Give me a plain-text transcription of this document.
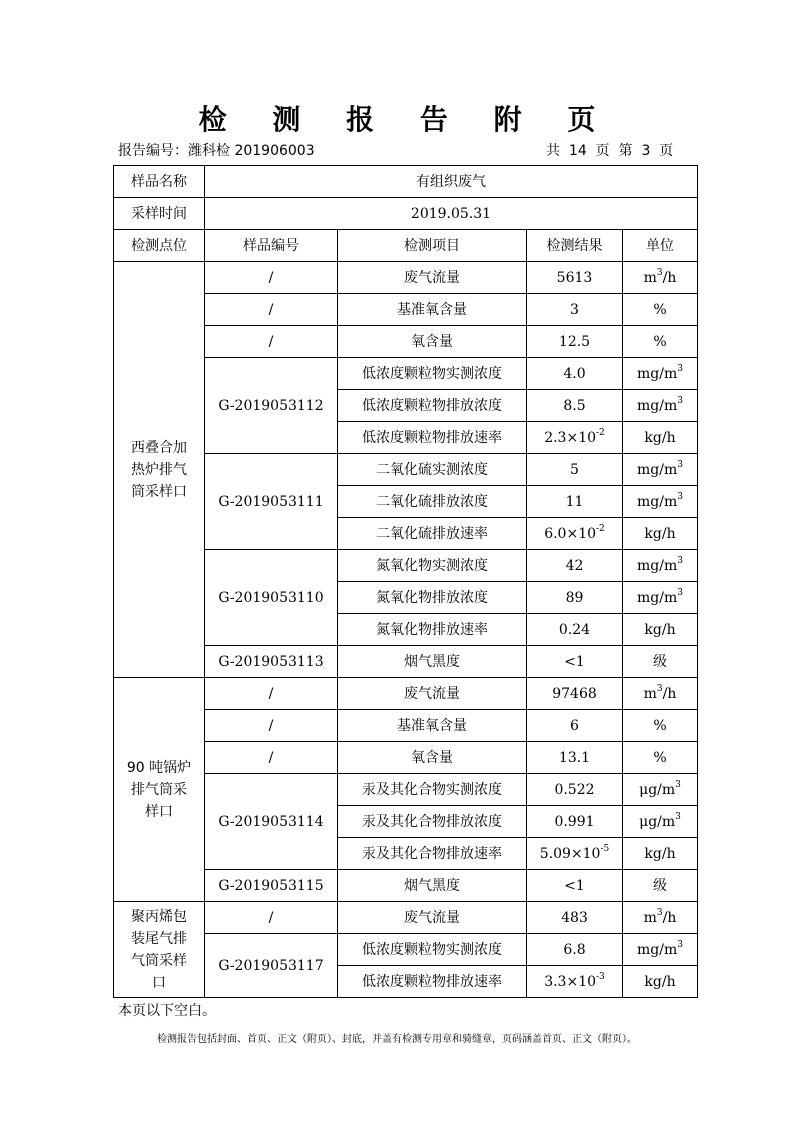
检 测 报 告 附 页
报告编号：潍科检 201906003	共 14 页 第 3 页
样品名称	有组织废气			
采样时间	2019.05.31			
检测点位	样品编号	检测项目	检测结果	单位
西叠合加热炉排气筒采样口	/	废气流量	5613	$m^3/h$
	/	基准氧含量	3	%
	/	氧含量	12.5	%
	G-2019053112	低浓度颗粒物实测浓度	4.0	$mg/m^3$
		低浓度颗粒物排放浓度	8.5	$mg/m^3$
		低浓度颗粒物排放速率	$2.3\times 10^{-2}$	kg/h
	G-2019053111	二氧化硫实测浓度	5	$mg/m^3$
		二氧化硫排放浓度	11	$mg/m^3$
		二氧化硫排放速率	$6.0\times 10^{-2}$	kg/h
	G-2019053110	氮氧化物实测浓度	42	$mg/m^3$
		氮氧化物排放浓度	89	$mg/m^3$
		氮氧化物排放速率	0.24	kg/h
	G-2019053113	烟气黑度	<1	级
90 吨锅炉排气筒采样口	/	废气流量	97468	$m^3/h$
	/	基准氧含量	6	%
	/	氧含量	13.1	%
	G-2019053114	汞及其化合物实测浓度	0.522	$\mu g/m^3$
		汞及其化合物排放浓度	0.991	$\mu g/m^3$
		汞及其化合物排放速率	$5.09\times 10^{-5}$	kg/h
	G-2019053115	烟气黑度	<1	级
聚丙烯包装尾气排气筒采样口	/	废气流量	483	$m^3/h$
	G-2019053117	低浓度颗粒物实测浓度	6.8	$mg/m^3$
		低浓度颗粒物排放速率	$3.3\times 10^{-3}$	kg/h
本页以下空白。
检测报告包括封面、首页、正文（附页）、封底，并盖有检测专用章和骑缝章，页码涵盖首页、正文（附页）。
